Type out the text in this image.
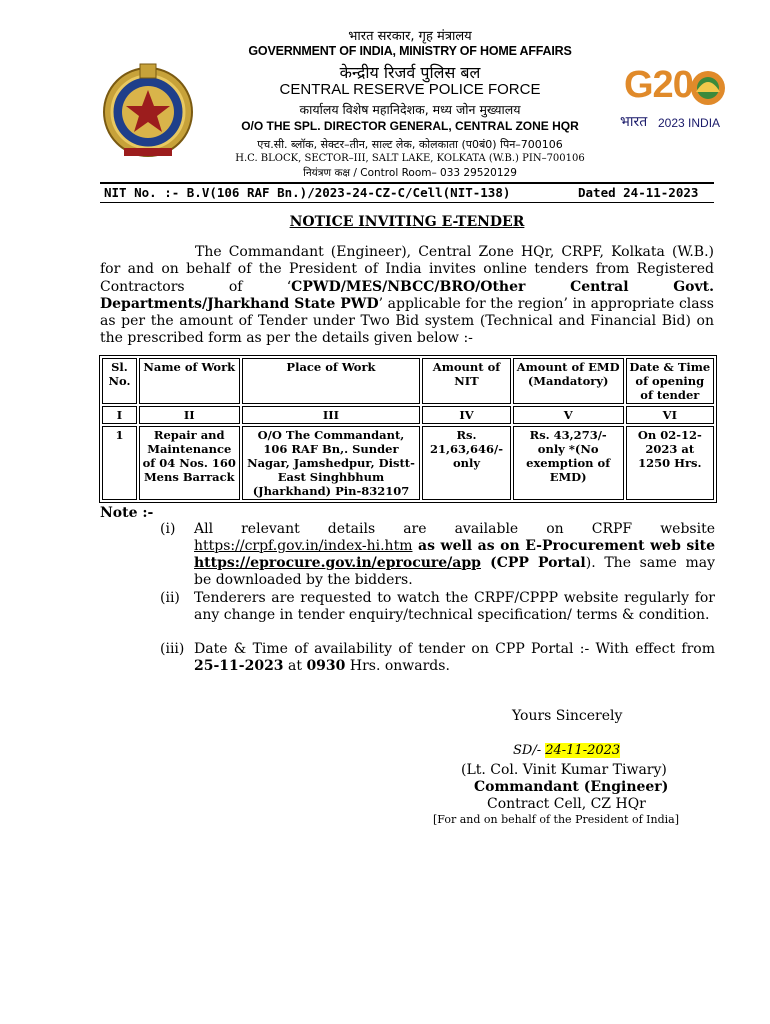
G20
भारत 2023 INDIA
भारत सरकार, गृह मंत्रालय
GOVERNMENT OF INDIA, MINISTRY OF HOME AFFAIRS
केन्द्रीय रिजर्व पुलिस बल
CENTRAL RESERVE POLICE FORCE
कार्यालय विशेष महानिदेशक, मध्य जोन मुख्यालय
O/O THE SPL. DIRECTOR GENERAL, CENTRAL ZONE HQR
एच.सी. ब्लॉक, सेक्टर–तीन, साल्ट लेक, कोलकाता (प0बं0) पिन–700106
H.C. BLOCK, SECTOR–III, SALT LAKE, KOLKATA (W.B.) PIN–700106
नियंत्रण कक्ष / Control Room– 033 29520129
NIT No. :- B.V(106 RAF Bn.)/2023-24-CZ-C/Cell(NIT-138)	Dated 24-11-2023
NOTICE INVITING E-TENDER
The Commandant (Engineer), Central Zone HQr, CRPF, Kolkata (W.B.) for and on behalf of the President of India invites online tenders from Registered Contractors of ‘CPWD/MES/NBCC/BRO/Other Central Govt. Departments/Jharkhand State PWD’ applicable for the region’ in appropriate class as per the amount of Tender under Two Bid system (Technical and Financial Bid) on the prescribed form as per the details given below :-
Sl. No.	Name of Work	Place of Work	Amount of NIT	Amount of EMD (Mandatory)	Date & Time of opening of tender
I	II	III	IV	V	VI
1	Repair and Maintenance of 04 Nos. 160 Mens Barrack	O/O The Commandant, 106 RAF Bn,. Sunder Nagar, Jamshedpur, Distt-East Singhbhum (Jharkhand) Pin-832107	Rs. 21,63,646/- only	Rs. 43,273/- only *(No exemption of EMD)	On 02-12-2023 at 1250 Hrs.
Note :-
(i) All relevant details are available on CRPF website https://crpf.gov.in/index-hi.htm as well as on E-Procurement web site https://eprocure.gov.in/eprocure/app (CPP Portal). The same may be downloaded by the bidders.
(ii) Tenderers are requested to watch the CRPF/CPPP website regularly for any change in tender enquiry/technical specification/ terms & condition.
(iii) Date & Time of availability of tender on CPP Portal :- With effect from 25-11-2023 at 0930 Hrs. onwards.
Yours Sincerely
SD/- 24-11-2023
(Lt. Col. Vinit Kumar Tiwary)
Commandant (Engineer)
Contract Cell, CZ HQr
[For and on behalf of the President of India]
